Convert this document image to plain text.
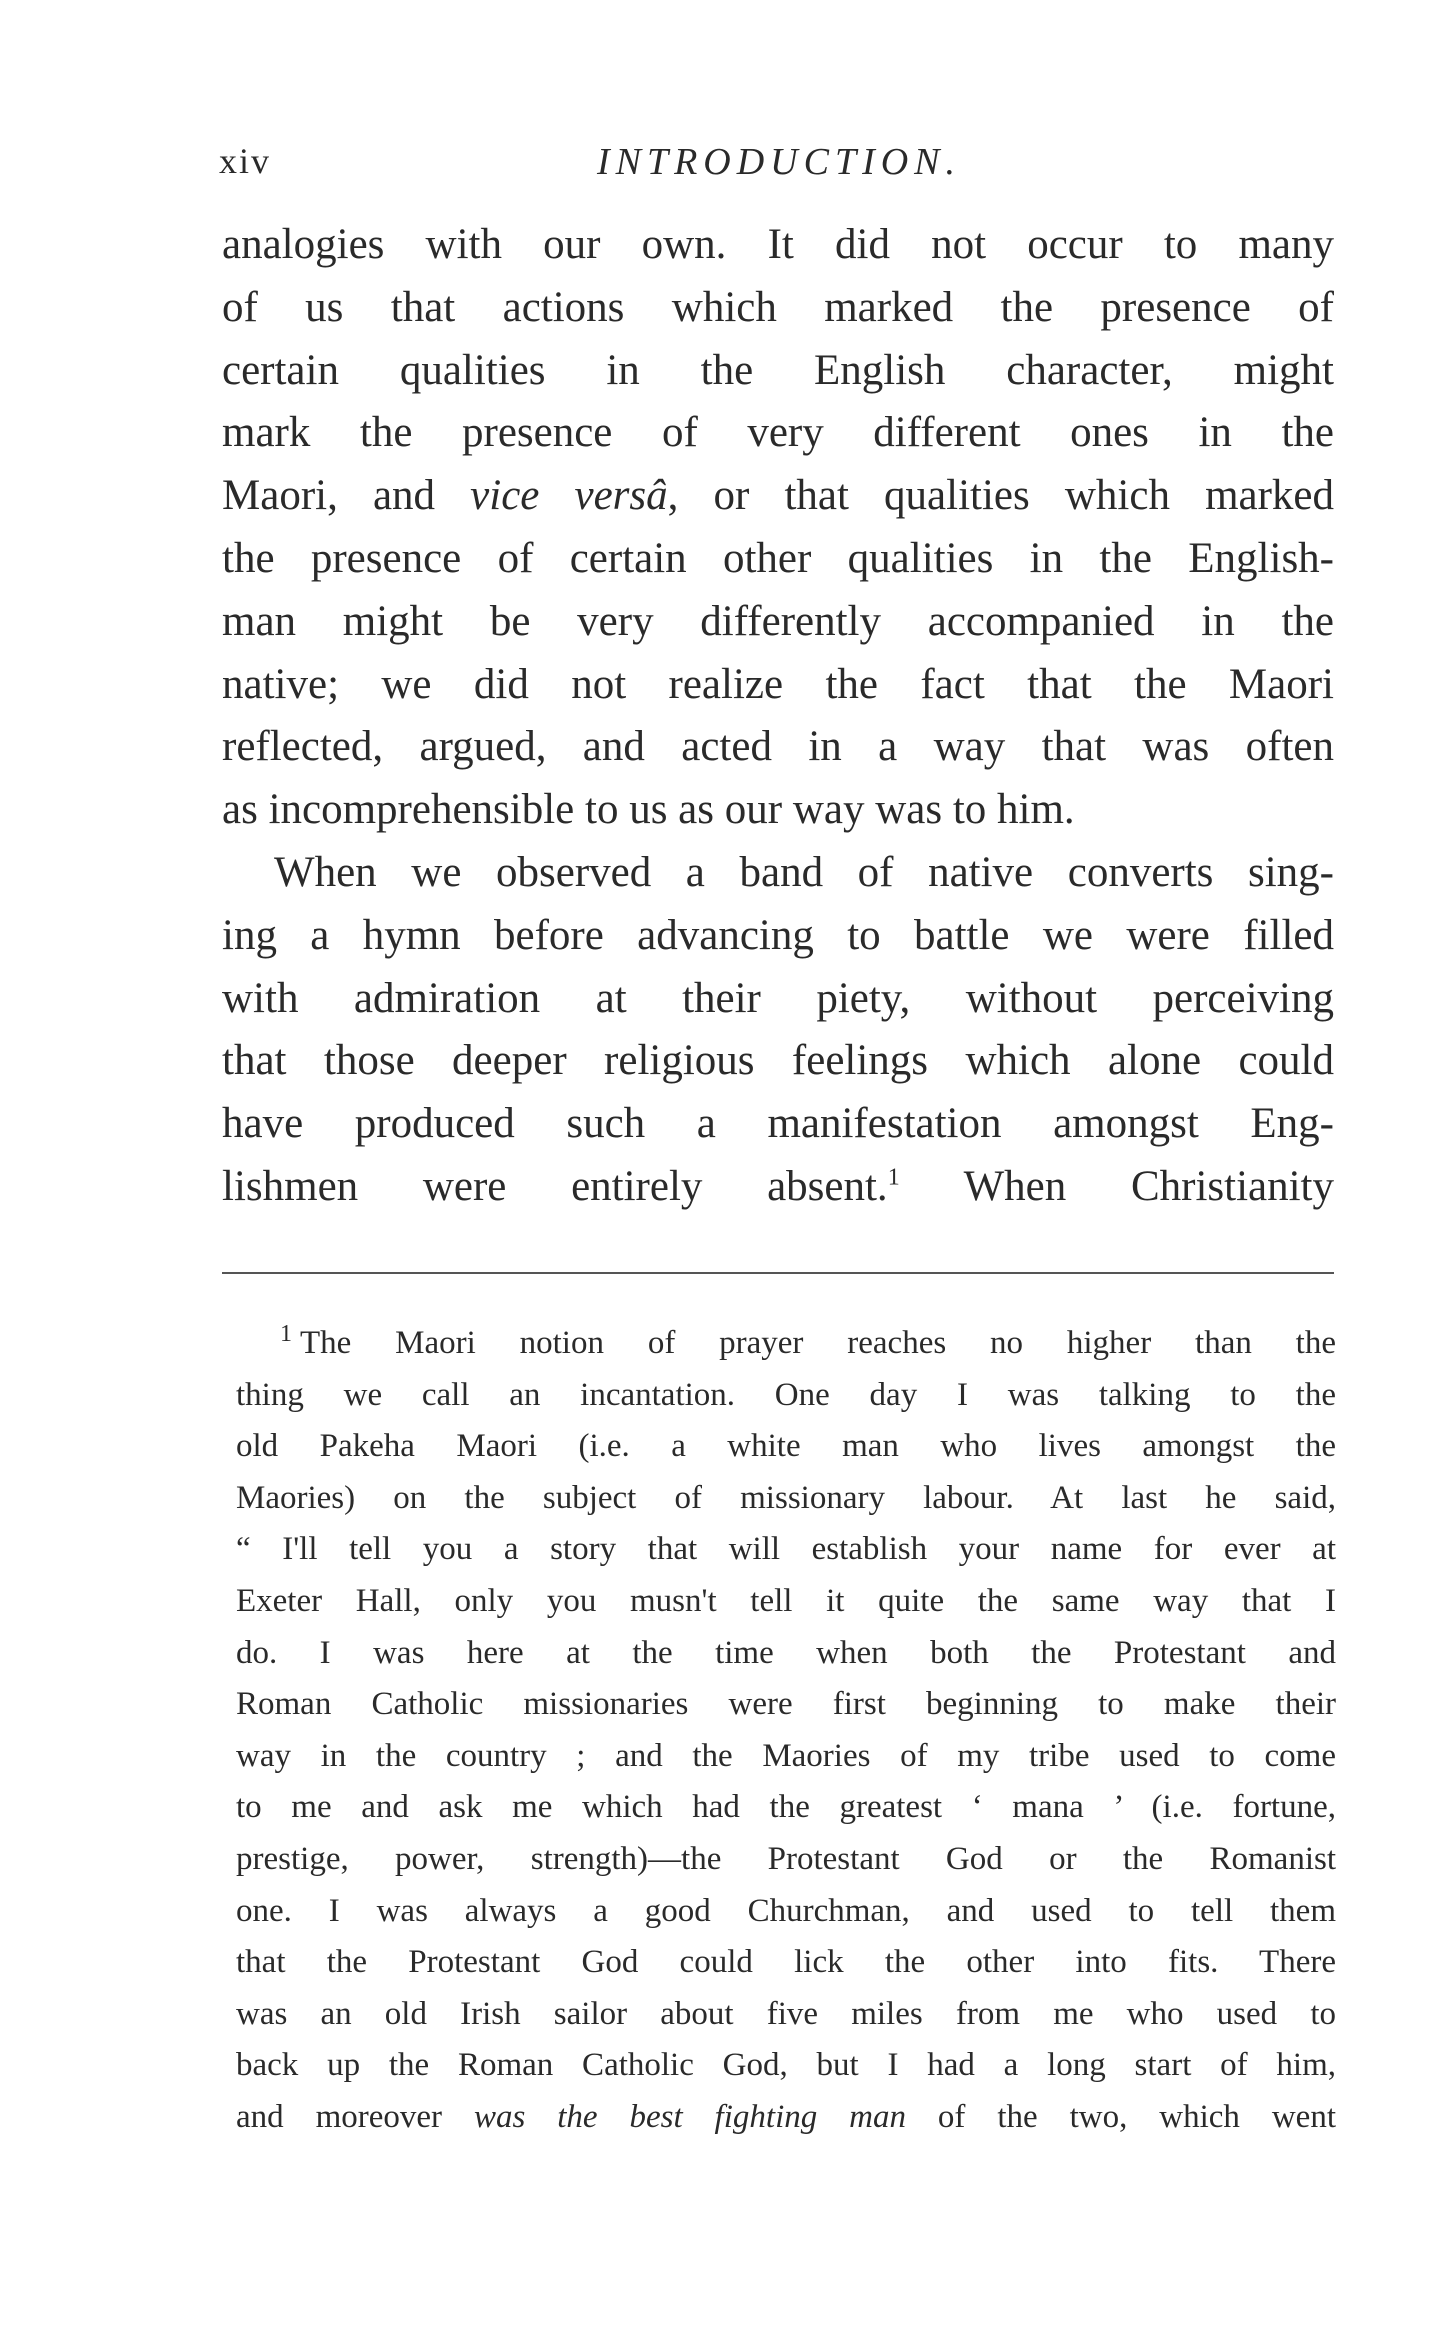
xiv	INTRODUCTION.
analogies with our own. It did not occur to many
of us that actions which marked the presence of
certain qualities in the English character, might
mark the presence of very different ones in the
Maori, and vice versâ, or that qualities which marked
the presence of certain other qualities in the English-
man might be very differently accompanied in the
native; we did not realize the fact that the Maori
reflected, argued, and acted in a way that was often
as incomprehensible to us as our way was to him.
When we observed a band of native converts sing-
ing a hymn before advancing to battle we were filled
with admiration at their piety, without perceiving
that those deeper religious feelings which alone could
have produced such a manifestation amongst Eng-
lishmen were entirely absent.$^1$ When Christianity
$^1$ The Maori notion of prayer reaches no higher than the
thing we call an incantation. One day I was talking to the
old Pakeha Maori (i.e. a white man who lives amongst the
Maories) on the subject of missionary labour. At last he said,
“ I'll tell you a story that will establish your name for ever at
Exeter Hall, only you musn't tell it quite the same way that I
do. I was here at the time when both the Protestant and
Roman Catholic missionaries were first beginning to make their
way in the country ; and the Maories of my tribe used to come
to me and ask me which had the greatest ‘ mana ’ (i.e. fortune,
prestige, power, strength)—the Protestant God or the Romanist
one. I was always a good Churchman, and used to tell them
that the Protestant God could lick the other into fits. There
was an old Irish sailor about five miles from me who used to
back up the Roman Catholic God, but I had a long start of him,
and moreover was the best fighting man of the two, which went
